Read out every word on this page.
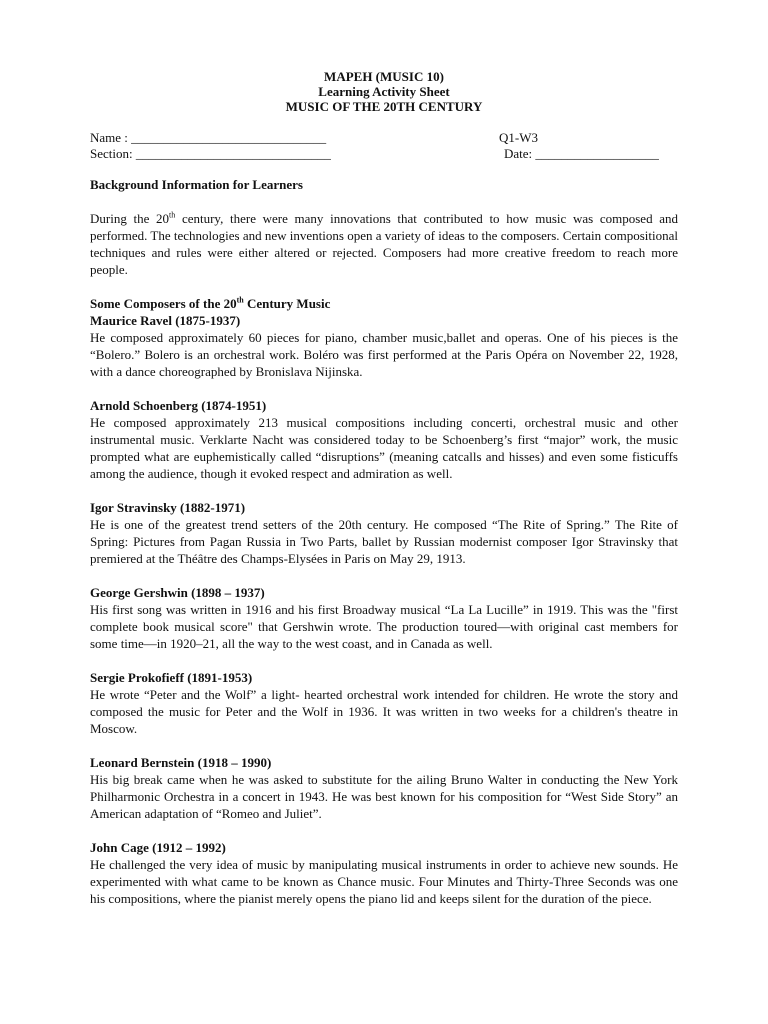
MAPEH (MUSIC 10)
Learning Activity Sheet
MUSIC OF THE 20TH CENTURY
Name : ______________________________	Q1-W3
Section: ______________________________	Date: ___________________

Background Information for Learners

During the 20th century, there were many innovations that contributed to how music was composed and performed. The technologies and new inventions open a variety of ideas to the composers. Certain compositional techniques and rules were either altered or rejected. Composers had more creative freedom to reach more people.

Some Composers of the 20th Century Music

Maurice Ravel (1875-1937)

He composed approximately 60 pieces for piano, chamber music,ballet and operas. One of his pieces is the “Bolero.” Bolero is an orchestral work. Boléro was first performed at the Paris Opéra on November 22, 1928, with a dance choreographed by Bronislava Nijinska.

Arnold Schoenberg (1874-1951)

He composed approximately 213 musical compositions including concerti, orchestral music and other instrumental music. Verklarte Nacht was considered today to be Schoenberg’s first “major” work, the music prompted what are euphemistically called “disruptions” (meaning catcalls and hisses) and even some fisticuffs among the audience, though it evoked respect and admiration as well.

Igor Stravinsky (1882-1971)

He is one of the greatest trend setters of the 20th century. He composed “The Rite of Spring.” The Rite of Spring: Pictures from Pagan Russia in Two Parts, ballet by Russian modernist composer Igor Stravinsky that premiered at the Théâtre des Champs-Elysées in Paris on May 29, 1913.

George Gershwin (1898 – 1937)

His first song was written in 1916 and his first Broadway musical “La La Lucille” in 1919. This was the "first complete book musical score" that Gershwin wrote. The production toured—with original cast members for some time—in 1920–21, all the way to the west coast, and in Canada as well.

Sergie Prokofieff (1891-1953)

He wrote “Peter and the Wolf” a light- hearted orchestral work intended for children. He wrote the story and composed the music for Peter and the Wolf in 1936. It was written in two weeks for a children's theatre in Moscow.

Leonard Bernstein (1918 – 1990)

His big break came when he was asked to substitute for the ailing Bruno Walter in conducting the New York Philharmonic Orchestra in a concert in 1943. He was best known for his composition for “West Side Story” an American adaptation of “Romeo and Juliet”.

John Cage (1912 – 1992)

He challenged the very idea of music by manipulating musical instruments in order to achieve new sounds. He experimented with what came to be known as Chance music. Four Minutes and Thirty-Three Seconds was one his compositions, where the pianist merely opens the piano lid and keeps silent for the duration of the piece.
